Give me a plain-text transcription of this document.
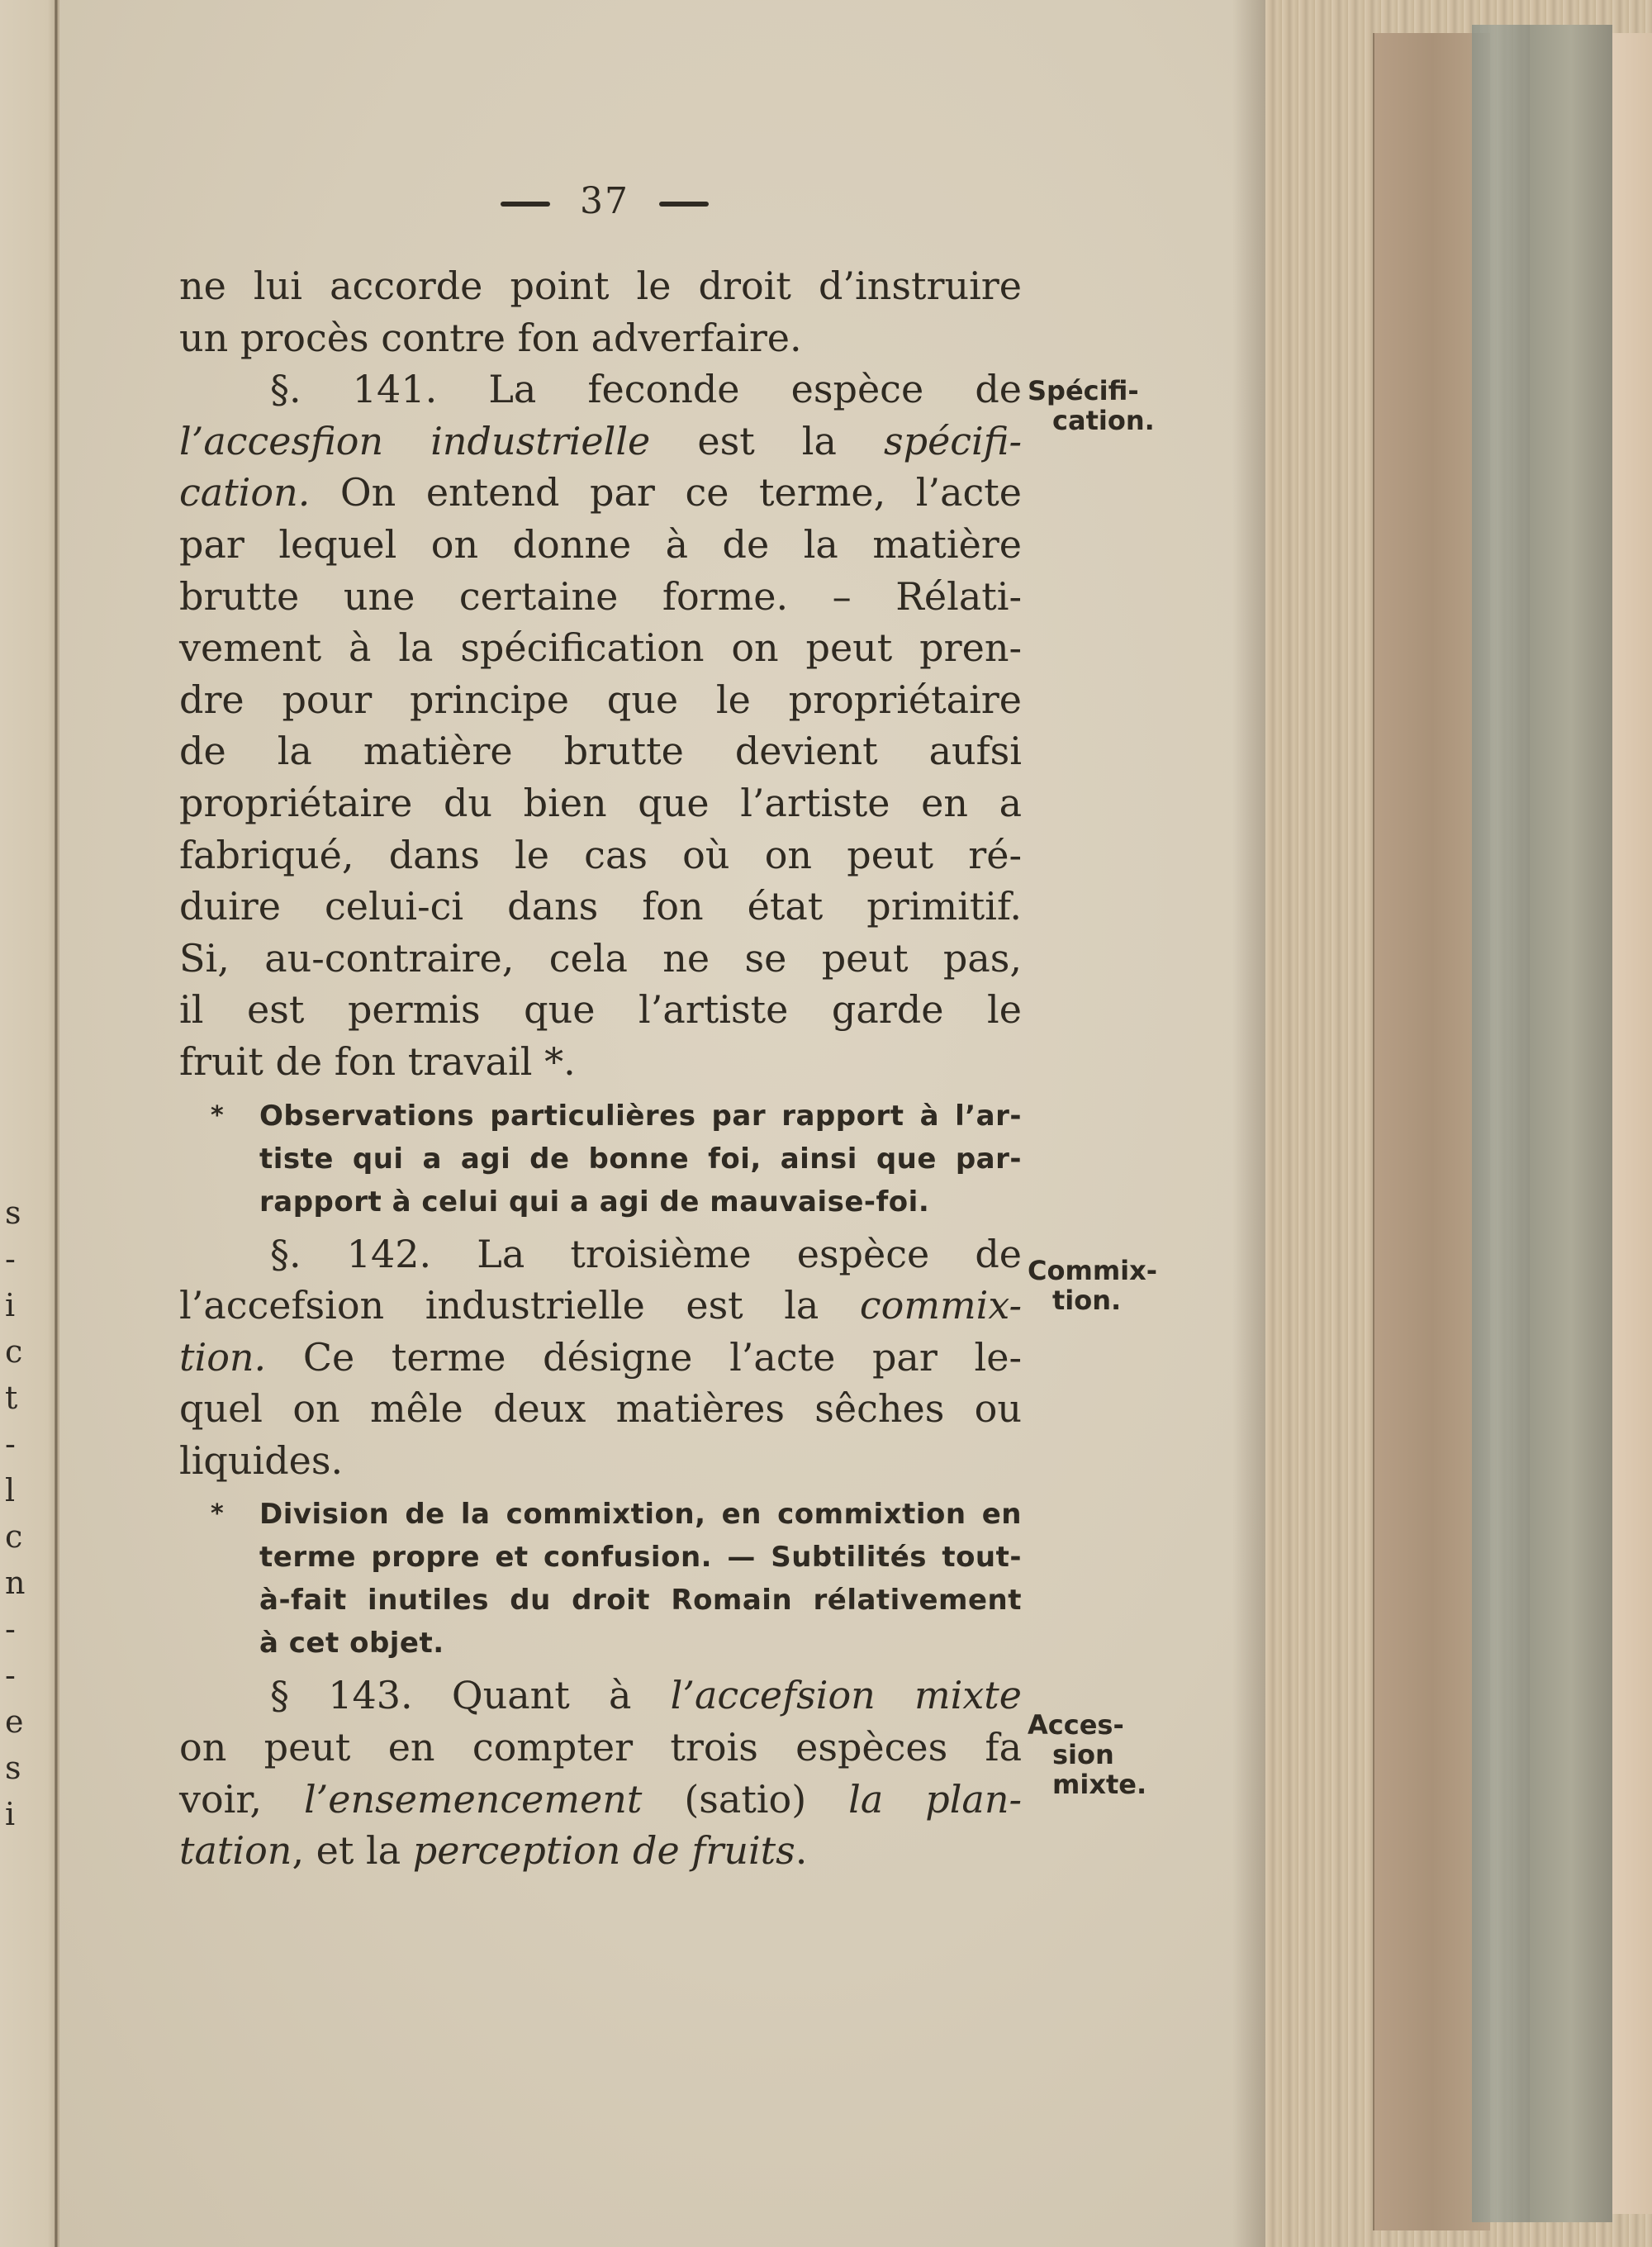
s
-
i
c
t
-
l
c
n
-
-
e
s
i
37
ne lui accorde point le droit d’instruire
un procès contre fon adverfaire.
§. 141. La feconde espèce de
l’accesfion industrielle est la spécifi-
cation. On entend par ce terme, l’acte
par lequel on donne à de la matière
brutte une certaine forme. – Rélati-
vement à la spécification on peut pren-
dre pour principe que le propriétaire
de la matière brutte devient aufsi
propriétaire du bien que l’artiste en a
fabriqué, dans le cas où on peut ré-
duire celui-ci dans fon état primitif.
Si, au-contraire, cela ne se peut pas,
il est permis que l’artiste garde le
fruit de fon travail *.
* Observations particulières par rapport à l’ar-
tiste qui a agi de bonne foi, ainsi que par-
rapport à celui qui a agi de mauvaise-foi.
§. 142. La troisième espèce de
l’accefsion industrielle est la commix-
tion. Ce terme désigne l’acte par le-
quel on mêle deux matières sêches ou
liquides.
* Division de la commixtion, en commixtion en
terme propre et confusion. — Subtilités tout-
à-fait inutiles du droit Romain rélativement
à cet objet.
§ 143. Quant à l’accefsion mixte
on peut en compter trois espèces fa
voir, l’ensemencement (satio) la plan-
tation, et la perception de fruits.
Spécifi-
cation.
Commix-
tion.
Acces-
sion
mixte.
